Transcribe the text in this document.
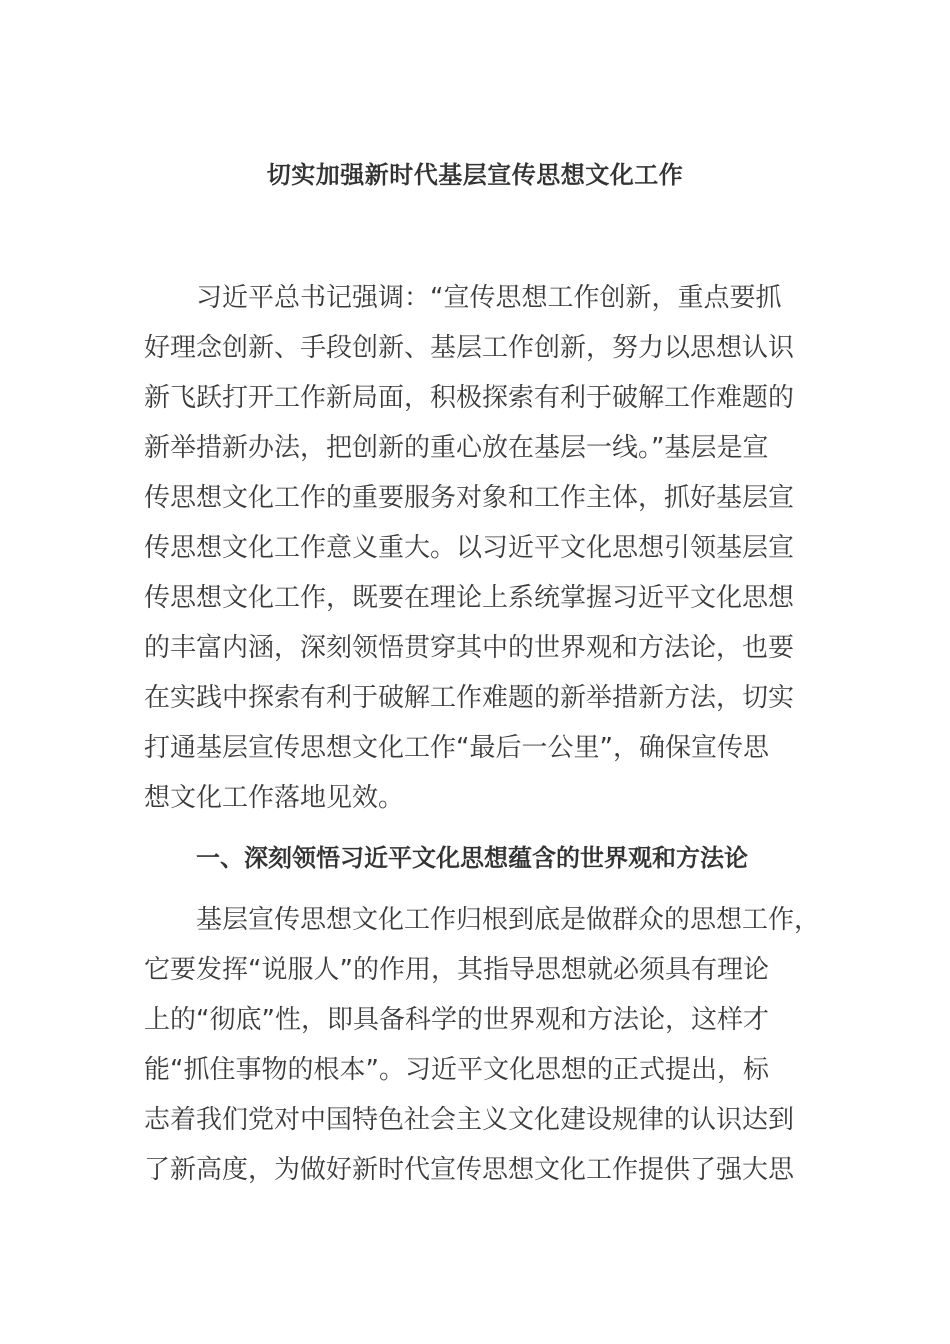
切实加强新时代基层宣传思想文化工作
习近平总书记强调：“宣传思想工作创新，重点要抓
好理念创新、手段创新、基层工作创新，努力以思想认识
新飞跃打开工作新局面，积极探索有利于破解工作难题的
新举措新办法，把创新的重心放在基层一线。”基层是宣
传思想文化工作的重要服务对象和工作主体，抓好基层宣
传思想文化工作意义重大。以习近平文化思想引领基层宣
传思想文化工作，既要在理论上系统掌握习近平文化思想
的丰富内涵，深刻领悟贯穿其中的世界观和方法论，也要
在实践中探索有利于破解工作难题的新举措新方法，切实
打通基层宣传思想文化工作“最后一公里”，确保宣传思
想文化工作落地见效。
一、深刻领悟习近平文化思想蕴含的世界观和方法论
基层宣传思想文化工作归根到底是做群众的思想工作，
它要发挥“说服人”的作用，其指导思想就必须具有理论
上的“彻底”性，即具备科学的世界观和方法论，这样才
能“抓住事物的根本”。习近平文化思想的正式提出，标
志着我们党对中国特色社会主义文化建设规律的认识达到
了新高度，为做好新时代宣传思想文化工作提供了强大思
